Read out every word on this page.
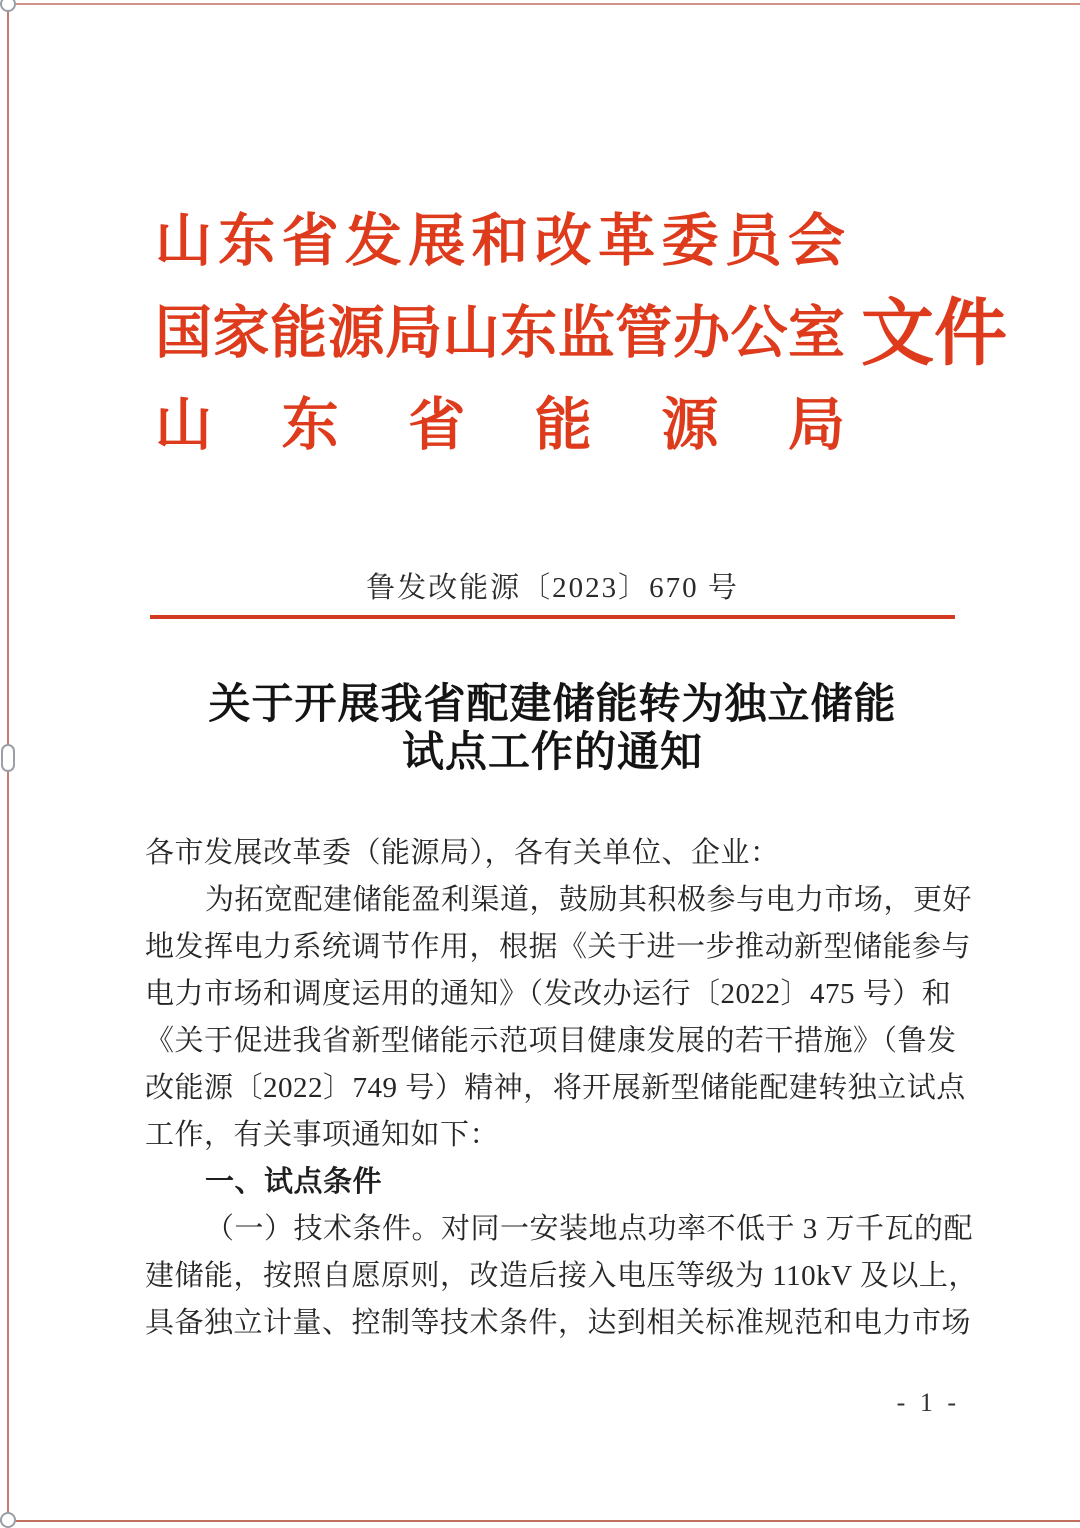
山东省发展和改革委员会
国家能源局山东监管办公室
山东省能源局
文件
鲁发改能源〔2023〕670 号
关于开展我省配建储能转为独立储能
试点工作的通知
各市发展改革委（能源局），各有关单位、企业：
为拓宽配建储能盈利渠道，鼓励其积极参与电力市场，更好
地发挥电力系统调节作用，根据《关于进一步推动新型储能参与
电力市场和调度运用的通知》（发改办运行〔2022〕475 号）和
《关于促进我省新型储能示范项目健康发展的若干措施》（鲁发
改能源〔2022〕749 号）精神，将开展新型储能配建转独立试点
工作，有关事项通知如下：
一、试点条件
（一）技术条件。对同一安装地点功率不低于 3 万千瓦的配
建储能，按照自愿原则，改造后接入电压等级为 110kV 及以上，
具备独立计量、控制等技术条件，达到相关标准规范和电力市场
- 1 -
